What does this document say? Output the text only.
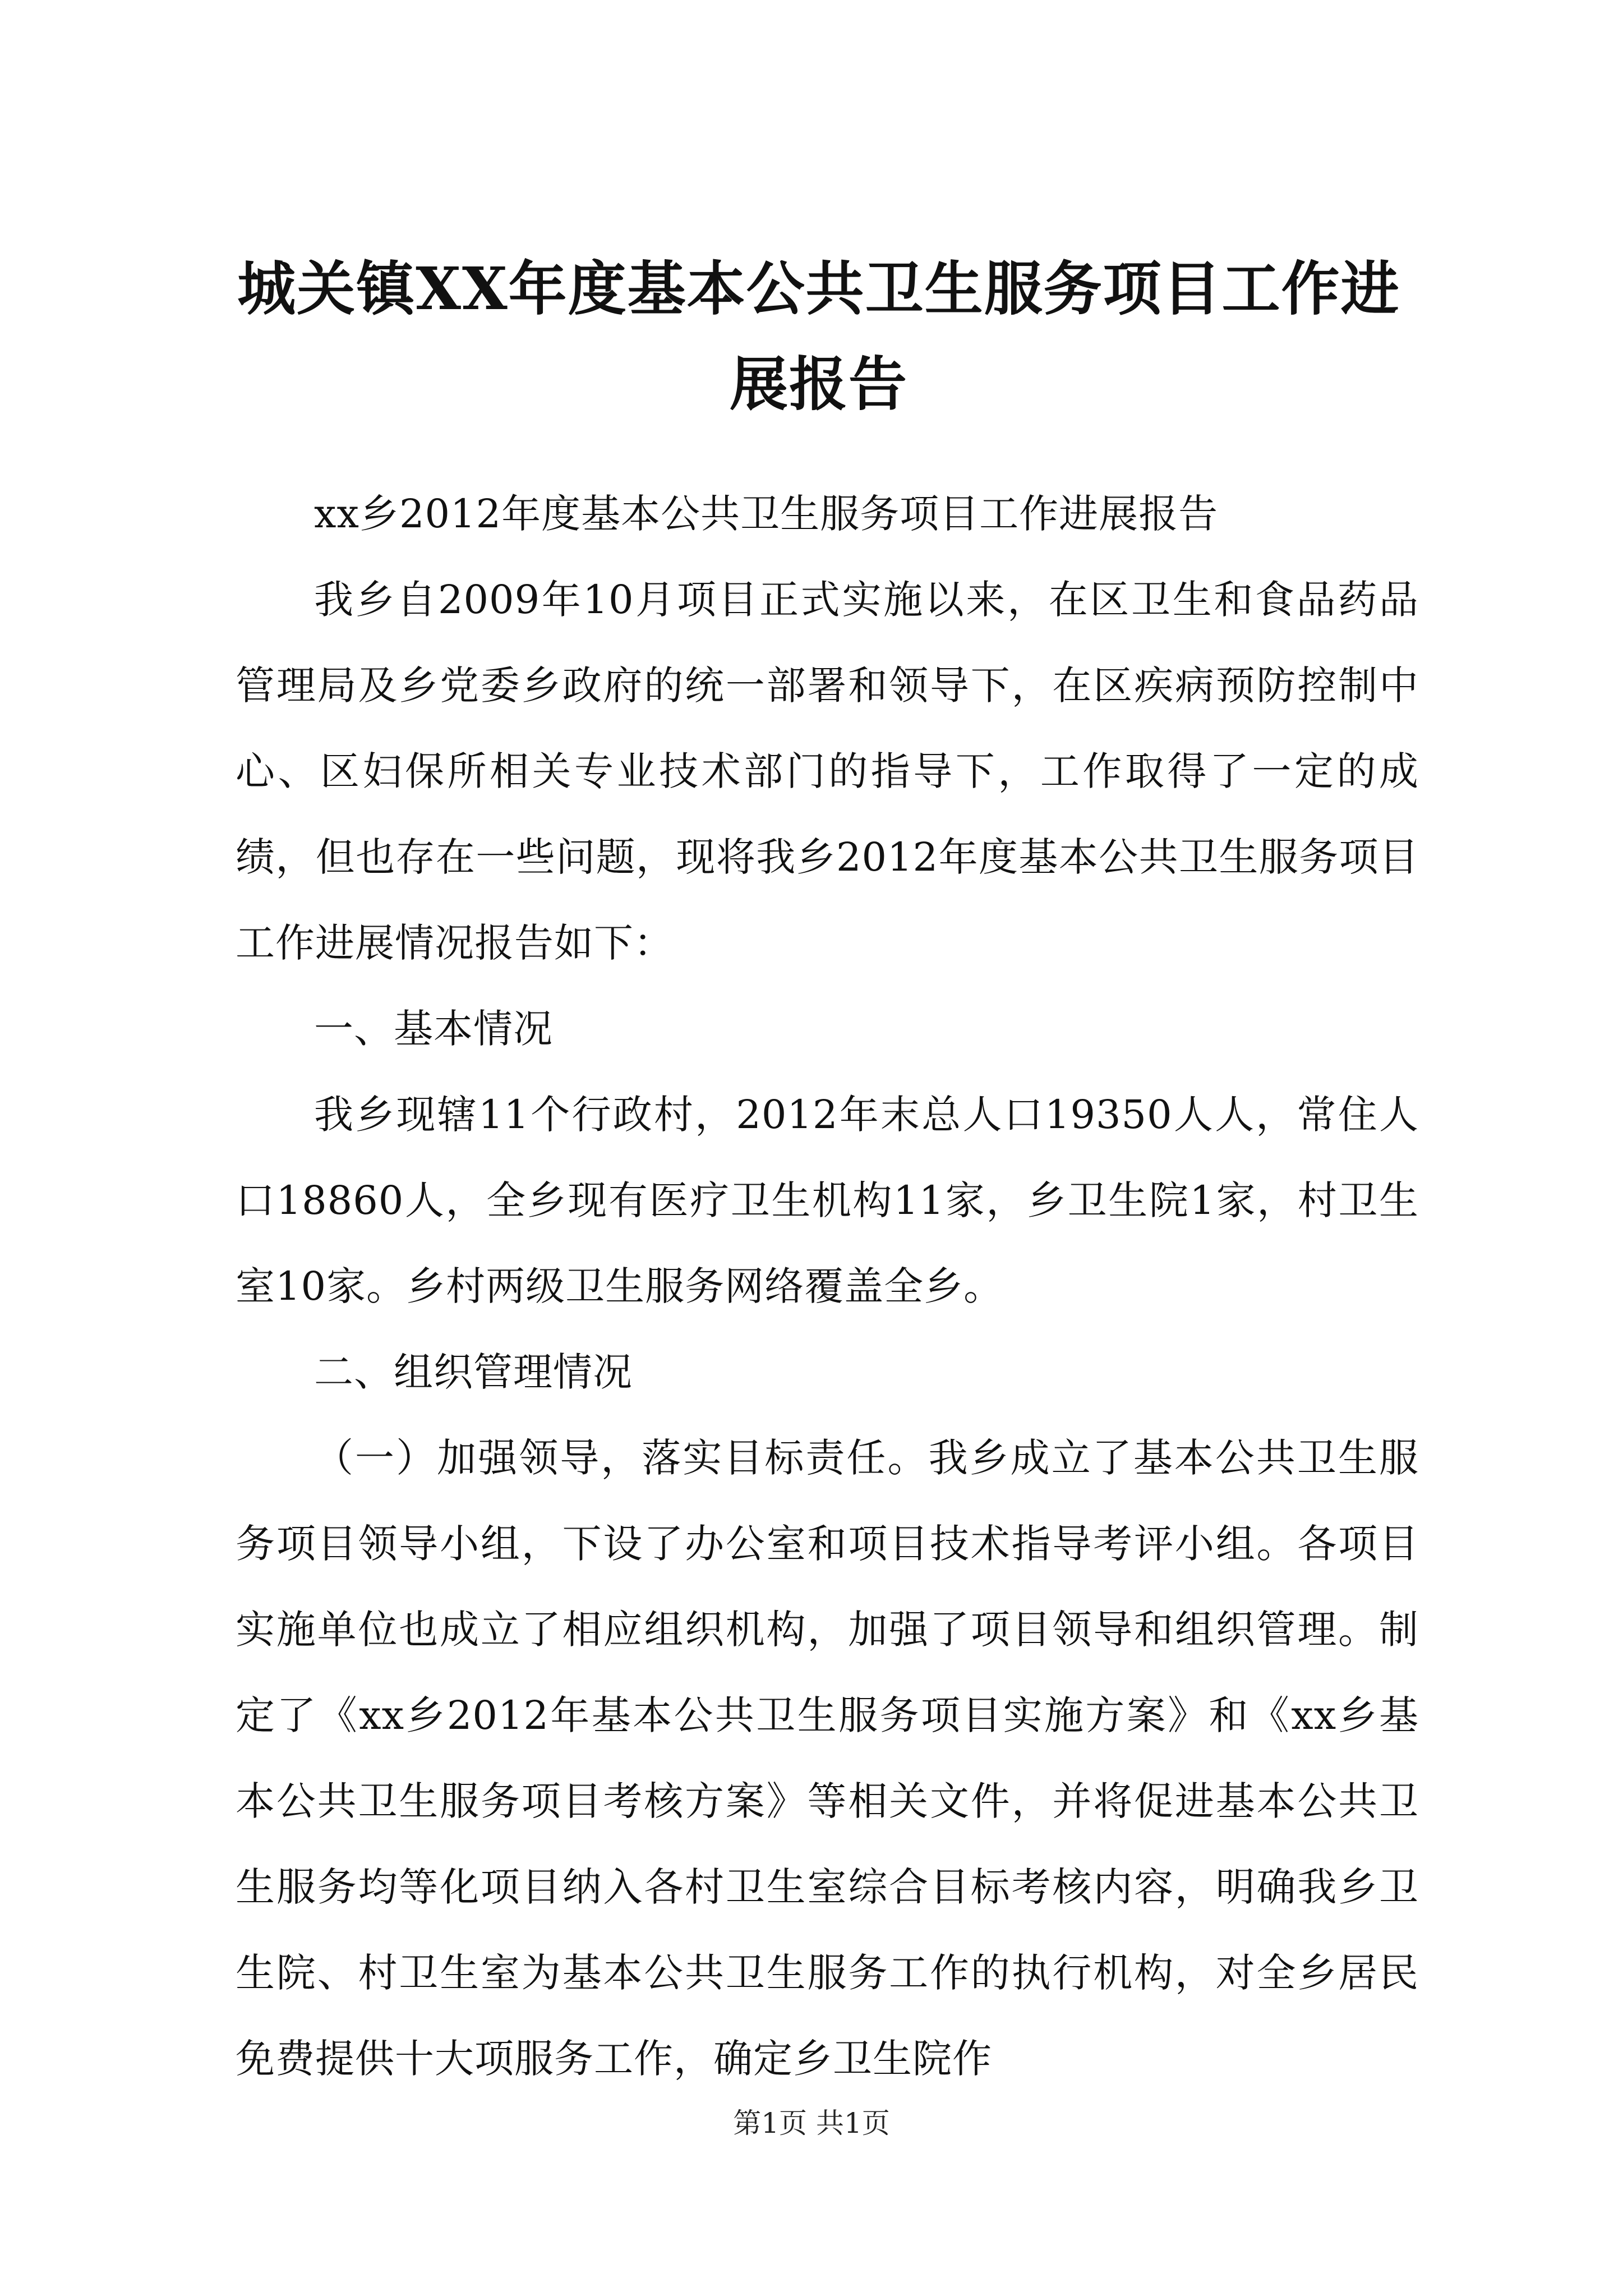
城关镇XX年度基本公共卫生服务项目工作进展报告

xx乡2012年度基本公共卫生服务项目工作进展报告

我乡自2009年10月项目正式实施以来，在区卫生和食品药品管理局及乡党委乡政府的统一部署和领导下，在区疾病预防控制中心、区妇保所相关专业技术部门的指导下，工作取得了一定的成绩，但也存在一些问题，现将我乡2012年度基本公共卫生服务项目工作进展情况报告如下：

一、基本情况

我乡现辖11个行政村，2012年末总人口19350人人，常住人口18860人，全乡现有医疗卫生机构11家，乡卫生院1家，村卫生室10家。乡村两级卫生服务网络覆盖全乡。

二、组织管理情况

（一）加强领导，落实目标责任。我乡成立了基本公共卫生服务项目领导小组，下设了办公室和项目技术指导考评小组。各项目实施单位也成立了相应组织机构，加强了项目领导和组织管理。制定了《xx乡2012年基本公共卫生服务项目实施方案》和《xx乡基本公共卫生服务项目考核方案》等相关文件，并将促进基本公共卫生服务均等化项目纳入各村卫生室综合目标考核内容，明确我乡卫生院、村卫生室为基本公共卫生服务工作的执行机构，对全乡居民免费提供十大项服务工作，确定乡卫生院作

第1页 共1页
